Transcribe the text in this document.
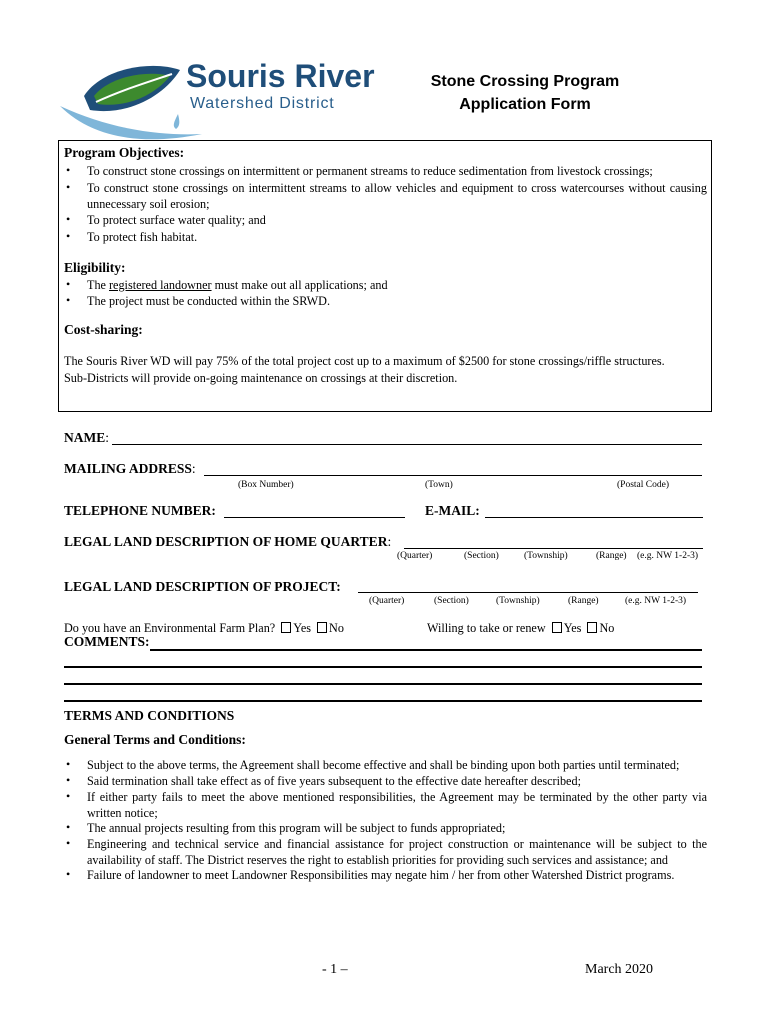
Souris River
Watershed District
Stone Crossing Program
Application Form
Program Objectives:
• To construct stone crossings on intermittent or permanent streams to reduce sedimentation from livestock crossings;
• To construct stone crossings on intermittent streams to allow vehicles and equipment to cross watercourses without causing unnecessary soil erosion;
• To protect surface water quality; and
• To protect fish habitat.
Eligibility:
• The registered landowner must make out all applications; and
• The project must be conducted within the SRWD.
Cost-sharing:
The Souris River WD will pay 75% of the total project cost up to a maximum of $2500 for stone crossings/riffle structures.
Sub-Districts will provide on-going maintenance on crossings at their discretion.
NAME:
MAILING ADDRESS:
(Box Number)	(Town)	(Postal Code)
TELEPHONE NUMBER:	E-MAIL:
LEGAL LAND DESCRIPTION OF HOME QUARTER:
(Quarter)	(Section)	(Township)	(Range) (e.g. NW 1-2-3)
LEGAL LAND DESCRIPTION OF PROJECT:
(Quarter)	(Section)	(Township)	(Range)	(e.g. NW 1-2-3)
Do you have an Environmental Farm Plan? Yes No	Willing to take or renew Yes No
COMMENTS:
TERMS AND CONDITIONS
General Terms and Conditions:
• Subject to the above terms, the Agreement shall become effective and shall be binding upon both parties until terminated;
• Said termination shall take effect as of five years subsequent to the effective date hereafter described;
• If either party fails to meet the above mentioned responsibilities, the Agreement may be terminated by the other party via written notice;
• The annual projects resulting from this program will be subject to funds appropriated;
• Engineering and technical service and financial assistance for project construction or maintenance will be subject to the availability of staff. The District reserves the right to establish priorities for providing such services and assistance; and
• Failure of landowner to meet Landowner Responsibilities may negate him / her from other Watershed District programs.
- 1 –	March 2020
